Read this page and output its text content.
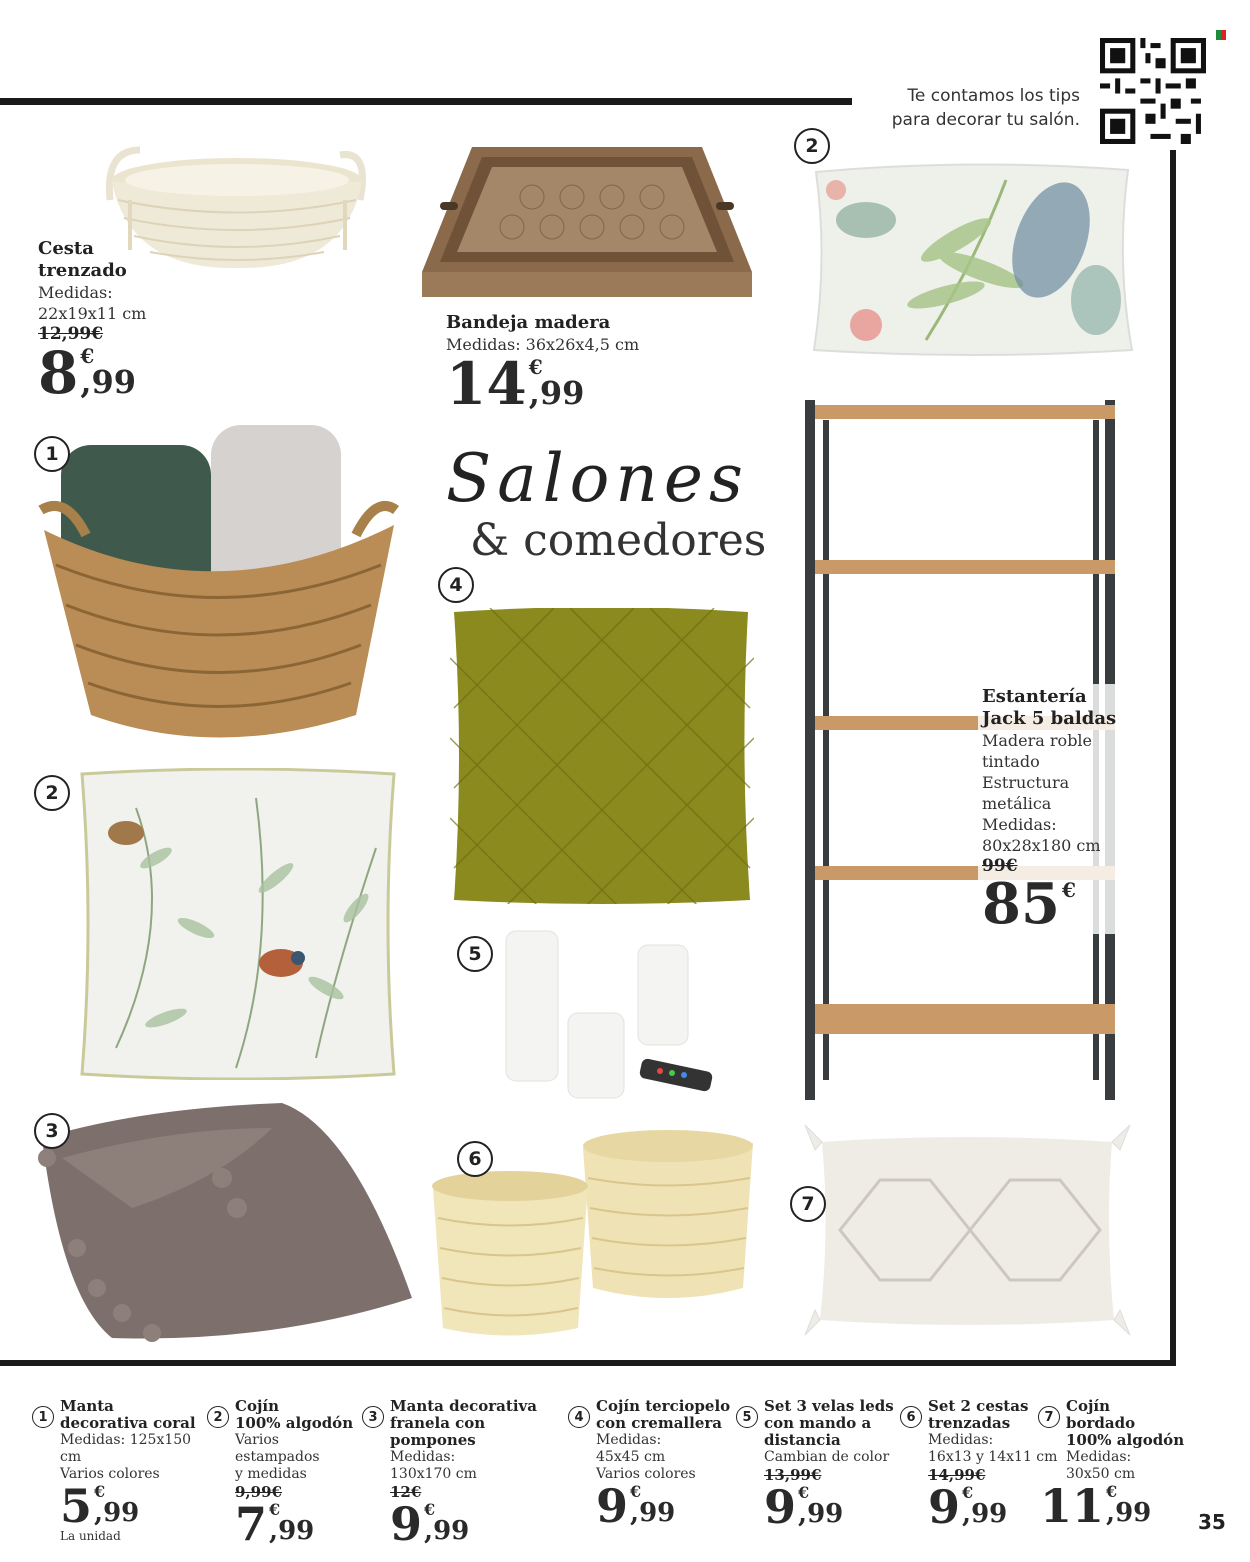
Te contamos los tips
para decorar tu salón.
Salones
& comedores
1
2
2
3
4
5
6
7
Cesta
trenzado
Medidas:
22x19x11 cm
12,99€
8 €
,99
Bandeja madera
Medidas: 36x26x4,5 cm
14 €
,99
Estantería
Jack 5 baldas
Madera roble
tintado
Estructura
metálica
Medidas:
80x28x180 cm
99€
85 €
1
Manta
decorativa coral
Medidas: 125x150 cm
Varios colores
5 €
,99
La unidad
2
Cojín
100% algodón
Varios estampados
y medidas
9,99€
7 €
,99
3
Manta decorativa
franela con pompones
Medidas:
130x170 cm
12€
9 €
,99
4
Cojín terciopelo
con cremallera
Medidas:
45x45 cm
Varios colores
9 €
,99
5
Set 3 velas leds
con mando a
distancia
Cambian de color
13,99€
9 €
,99
6
Set 2 cestas
trenzadas
Medidas:
16x13 y 14x11 cm
14,99€
9 €
,99
7
Cojín
bordado
100% algodón
Medidas:
30x50 cm
11 €
,99 35
